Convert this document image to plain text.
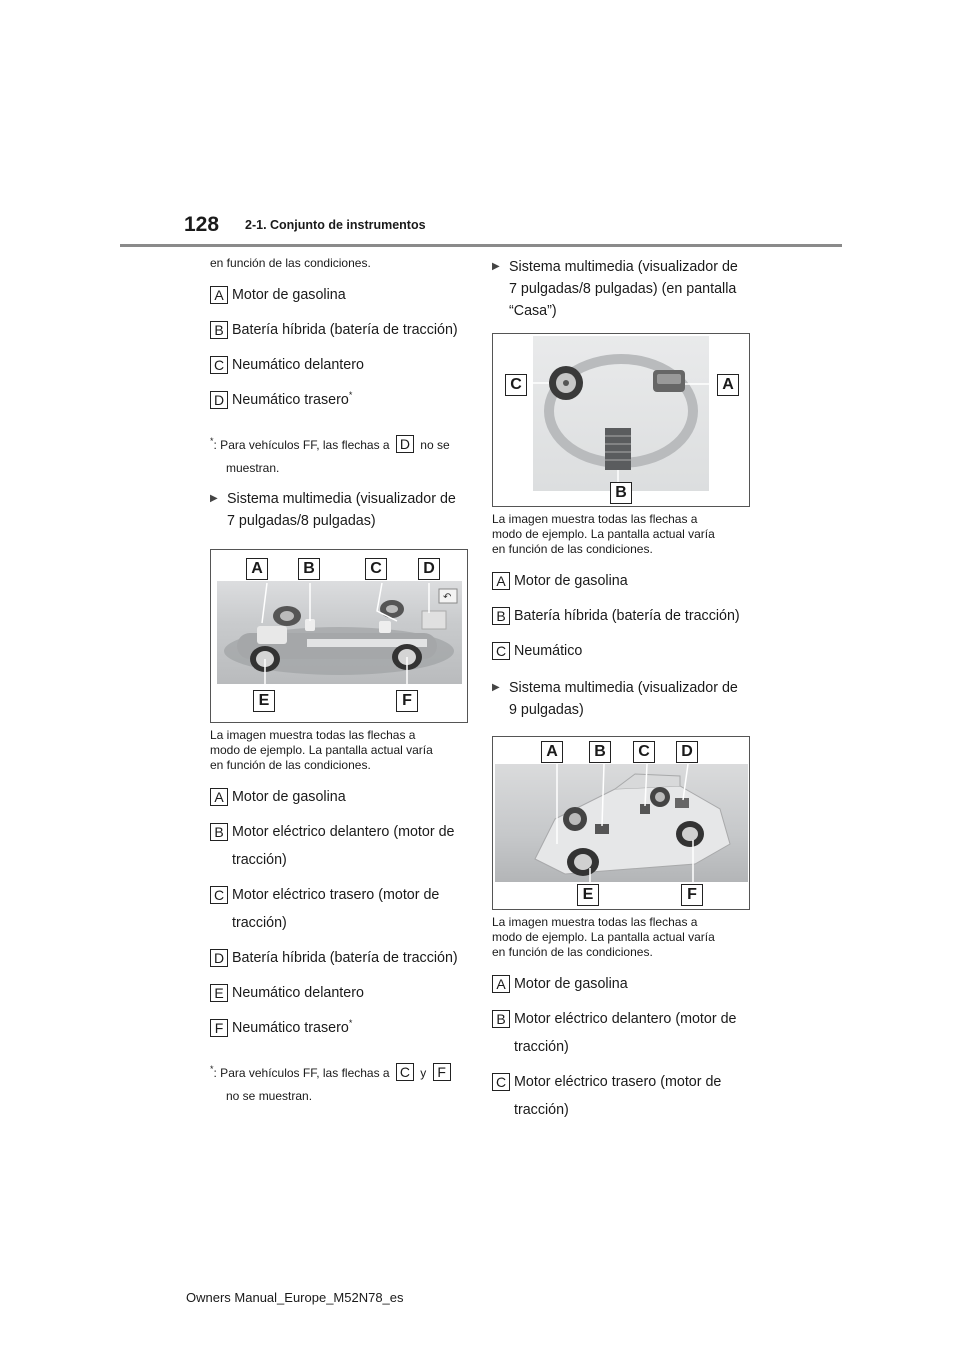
128 2-1. Conjunto de instrumentos
en función de las condiciones.
A Motor de gasolina
B Batería híbrida (batería de tracción)
C Neumático delantero
D Neumático trasero*
*: Para vehículos FF, las flechas a D no se
muestran.
▶ Sistema multimedia (visualizador de
7 pulgadas/8 pulgadas)
↶
A	B	C	D
E	F
La imagen muestra todas las flechas a
modo de ejemplo. La pantalla actual varía
en función de las condiciones.
A Motor de gasolina
B Motor eléctrico delantero (motor de
tracción)
C Motor eléctrico trasero (motor de
tracción)
D Batería híbrida (batería de tracción)
E Neumático delantero
F Neumático trasero*
*: Para vehículos FF, las flechas a C y F
no se muestran.
▶ Sistema multimedia (visualizador de
7 pulgadas/8 pulgadas) (en pantalla
“Casa”)
C	A
B
La imagen muestra todas las flechas a
modo de ejemplo. La pantalla actual varía
en función de las condiciones.
A Motor de gasolina
B Batería híbrida (batería de tracción)
C Neumático
▶ Sistema multimedia (visualizador de
9 pulgadas)
A	B	C	D
E	F
La imagen muestra todas las flechas a
modo de ejemplo. La pantalla actual varía
en función de las condiciones.
A Motor de gasolina
B Motor eléctrico delantero (motor de
tracción)
C Motor eléctrico trasero (motor de
tracción)
Owners Manual_Europe_M52N78_es
